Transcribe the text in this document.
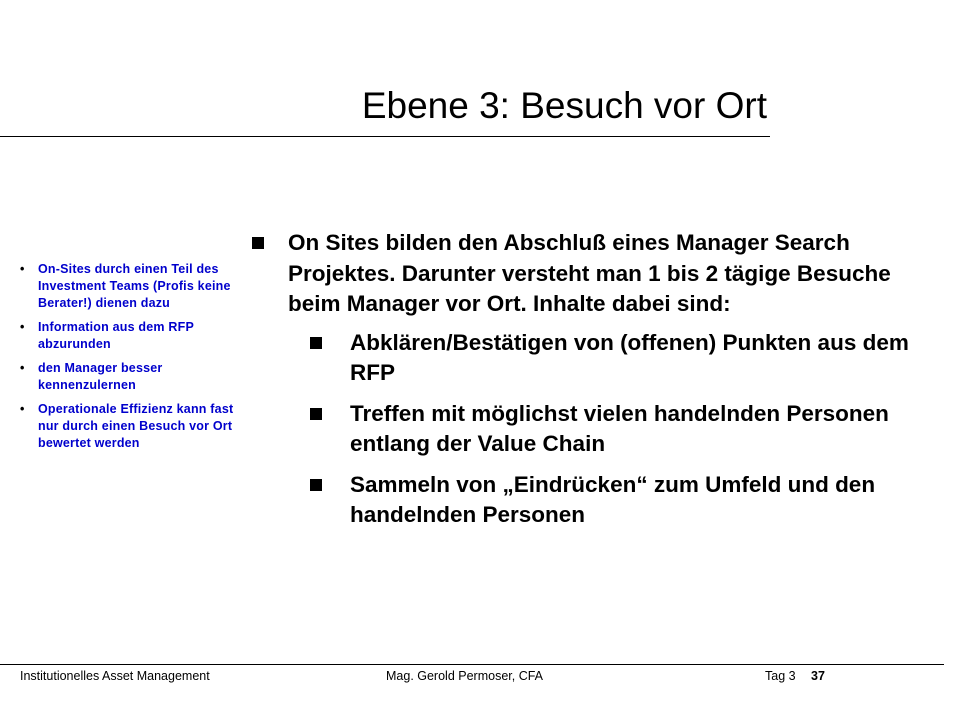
Ebene 3: Besuch vor Ort
• On-Sites durch einen Teil des Investment Teams (Profis keine Berater!) dienen dazu
• Information aus dem RFP abzurunden
• den Manager besser kennenzulernen
• Operationale Effizienz kann fast nur durch einen Besuch vor Ort bewertet werden
On Sites bilden den Abschluß eines Manager Search Projektes. Darunter versteht man 1 bis 2 tägige Besuche beim Manager vor Ort. Inhalte dabei sind:
Abklären/Bestätigen von (offenen) Punkten aus dem RFP
Treffen mit möglichst vielen handelnden Personen entlang der Value Chain
Sammeln von „Eindrücken“ zum Umfeld und den handelnden Personen
Institutionelles Asset Management	Mag. Gerold Permoser, CFA	Tag 3 37
